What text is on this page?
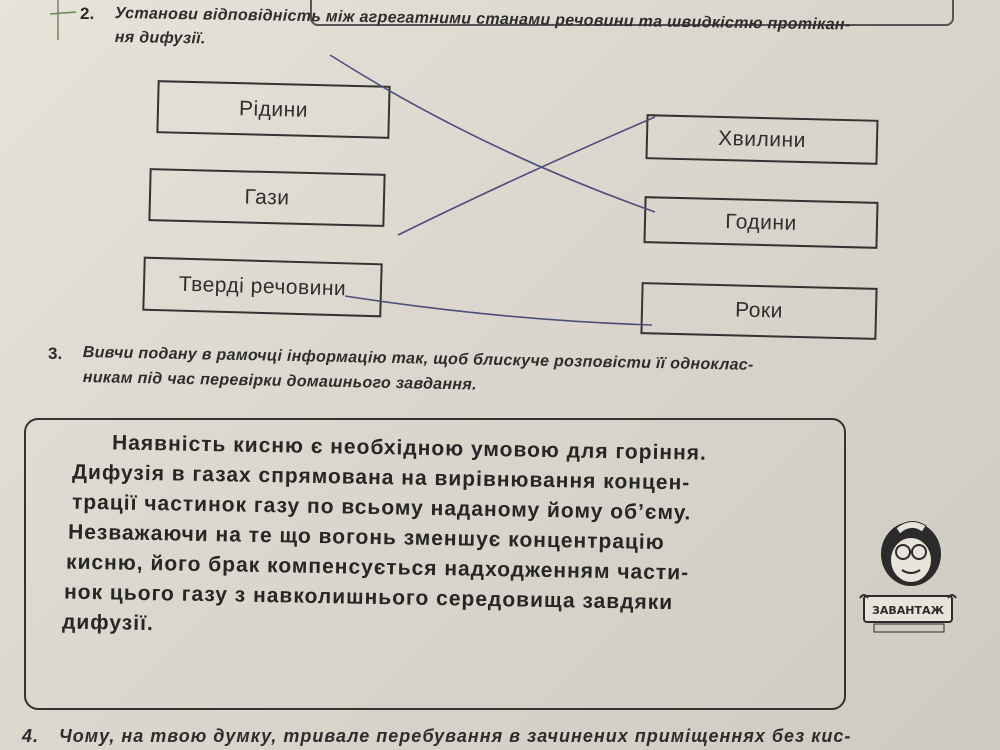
2. Установи відповідність між агрегатними станами речовини та швидкістю протікан-
ня дифузії.
Рідини
Гази
Тверді речовини
Хвилини
Години
Роки
3. Вивчи подану в рамочці інформацію так, щоб блискуче розповісти її одноклас-
никам під час перевірки домашнього завдання.
Наявність кисню є необхідною умовою для горіння.
Дифузія в газах спрямована на вирівнювання концен-
трації частинок газу по всьому наданому йому об’єму.
Незважаючи на те що вогонь зменшує концентрацію
кисню, його брак компенсується надходженням части-
нок цього газу з навколишнього середовища завдяки
дифузії.
ЗАВАНТАЖ
4. Чому, на твою думку, тривале перебування в зачинених приміщеннях без кис-
